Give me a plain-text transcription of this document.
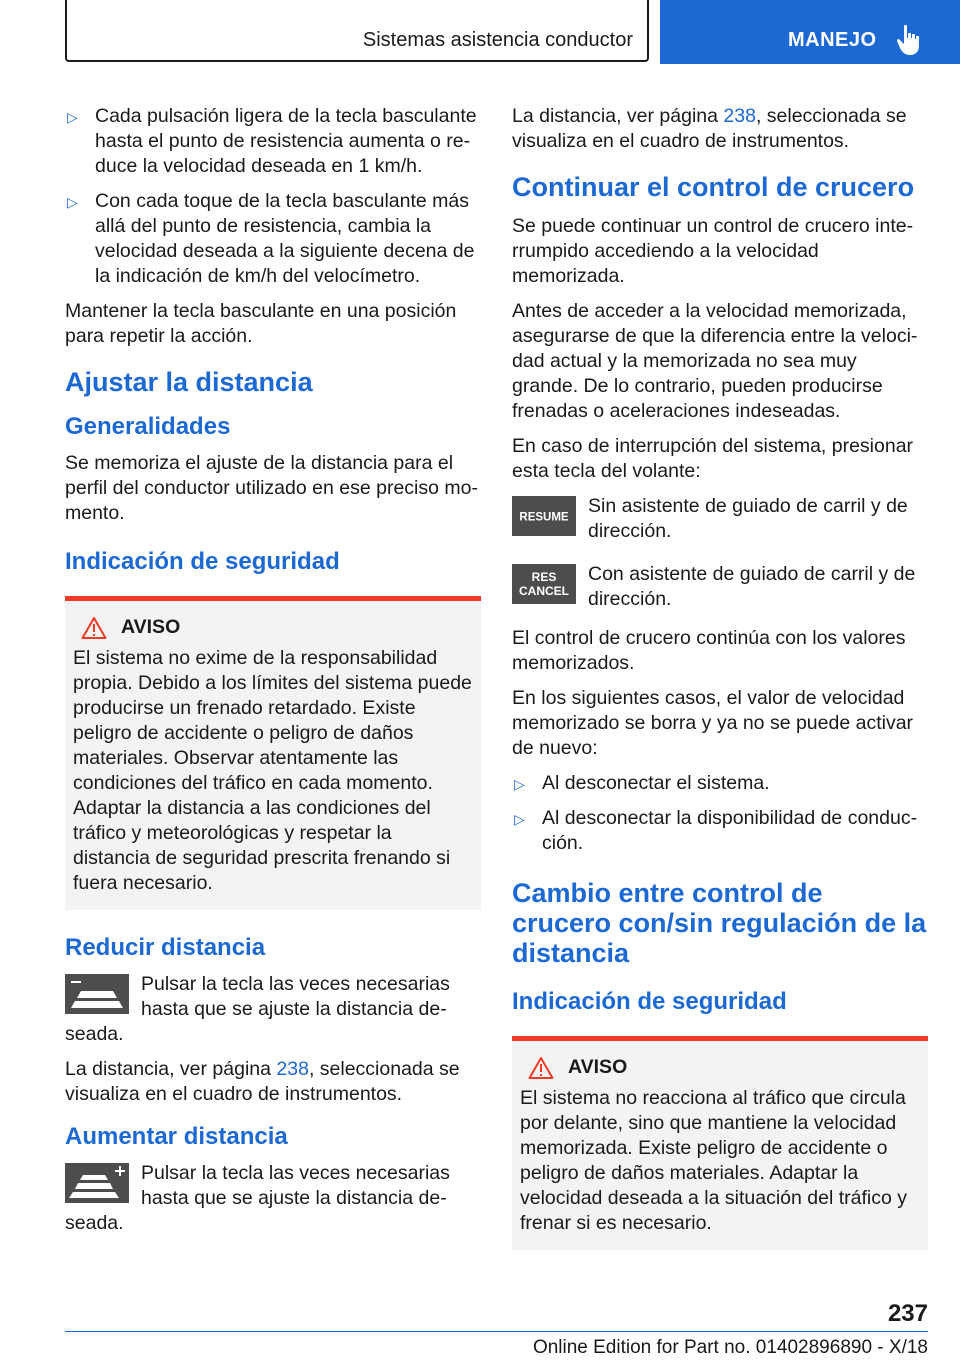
Sistemas asistencia conductor	MANEJO
▷ Cada pulsación ligera de la tecla basculante hasta el punto de resistencia aumenta o reduce la velocidad deseada en 1 km/h.
▷ Con cada toque de la tecla basculante más allá del punto de resistencia, cambia la velocidad deseada a la siguiente decena de la indicación de km/h del velocímetro.

Mantener la tecla basculante en una posición para repetir la acción.

Ajustar la distancia
Generalidades

Se memoriza el ajuste de la distancia para el perfil del conductor utilizado en ese preciso momento.

Indicación de seguridad
AVISO
El sistema no exime de la responsabilidad propia. Debido a los límites del sistema puede producirse un frenado retardado. Existe peligro de accidente o peligro de daños materiales. Observar atentamente las condiciones del tráfico en cada momento. Adaptar la distancia a las condiciones del tráfico y meteorológicas y respetar la distancia de seguridad prescrita frenando si fuera necesario.
Reducir distancia
Pulsar la tecla las veces necesarias hasta que se ajuste la distancia deseada.

La distancia, ver página 238, seleccionada se visualiza en el cuadro de instrumentos.

Aumentar distancia
Pulsar la tecla las veces necesarias hasta que se ajuste la distancia deseada.

La distancia, ver página 238, seleccionada se visualiza en el cuadro de instrumentos.

Continuar el control de crucero

Se puede continuar un control de crucero interrumpido accediendo a la velocidad memorizada.

Antes de acceder a la velocidad memorizada, asegurarse de que la diferencia entre la velocidad actual y la memorizada no sea muy grande. De lo contrario, pueden producirse frenadas o aceleraciones indeseadas.

En caso de interrupción del sistema, presionar esta tecla del volante:

RESUME
Sin asistente de guiado de carril y de dirección.
RES
CANCEL
Con asistente de guiado de carril y de dirección.

El control de crucero continúa con los valores memorizados.

En los siguientes casos, el valor de velocidad memorizado se borra y ya no se puede activar de nuevo:

▷ Al desconectar el sistema.
▷ Al desconectar la disponibilidad de conducción.
Cambio entre control de crucero con/sin regulación de la distancia
Indicación de seguridad
AVISO
El sistema no reacciona al tráfico que circula por delante, sino que mantiene la velocidad memorizada. Existe peligro de accidente o peligro de daños materiales. Adaptar la velocidad deseada a la situación del tráfico y frenar si es necesario.
237
Online Edition for Part no. 01402896890 - X/18
